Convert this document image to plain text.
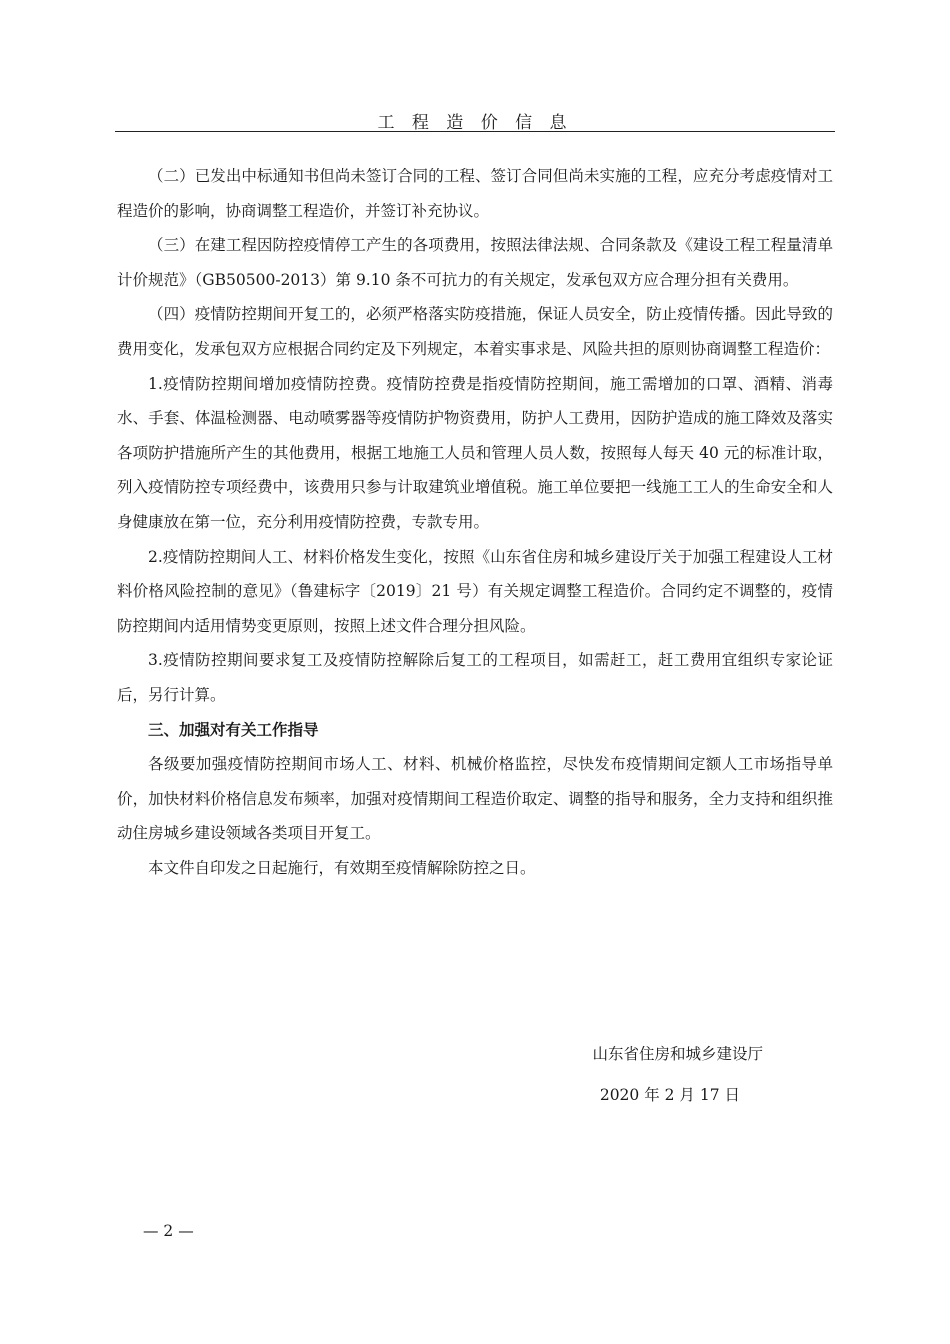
工 程 造 价 信 息

（二）已发出中标通知书但尚未签订合同的工程、签订合同但尚未实施的工程，应充分考虑疫情对工程造价的影响，协商调整工程造价，并签订补充协议。

（三）在建工程因防控疫情停工产生的各项费用，按照法律法规、合同条款及《建设工程工程量清单计价规范》（GB50500-2013）第 9.10 条不可抗力的有关规定，发承包双方应合理分担有关费用。

（四）疫情防控期间开复工的，必须严格落实防疫措施，保证人员安全，防止疫情传播。因此导致的费用变化，发承包双方应根据合同约定及下列规定，本着实事求是、风险共担的原则协商调整工程造价：

1.疫情防控期间增加疫情防控费。疫情防控费是指疫情防控期间，施工需增加的口罩、酒精、消毒水、手套、体温检测器、电动喷雾器等疫情防护物资费用，防护人工费用，因防护造成的施工降效及落实各项防护措施所产生的其他费用，根据工地施工人员和管理人员人数，按照每人每天 40 元的标准计取，列入疫情防控专项经费中，该费用只参与计取建筑业增值税。施工单位要把一线施工工人的生命安全和人身健康放在第一位，充分利用疫情防控费，专款专用。

2.疫情防控期间人工、材料价格发生变化，按照《山东省住房和城乡建设厅关于加强工程建设人工材料价格风险控制的意见》（鲁建标字〔2019〕21 号）有关规定调整工程造价。合同约定不调整的，疫情防控期间内适用情势变更原则，按照上述文件合理分担风险。

3.疫情防控期间要求复工及疫情防控解除后复工的工程项目，如需赶工，赶工费用宜组织专家论证后，另行计算。

三、加强对有关工作指导

各级要加强疫情防控期间市场人工、材料、机械价格监控，尽快发布疫情期间定额人工市场指导单价，加快材料价格信息发布频率，加强对疫情期间工程造价取定、调整的指导和服务，全力支持和组织推动住房城乡建设领域各类项目开复工。

本文件自印发之日起施行，有效期至疫情解除防控之日。

山东省住房和城乡建设厅
2020 年 2 月 17 日
— 2 —
